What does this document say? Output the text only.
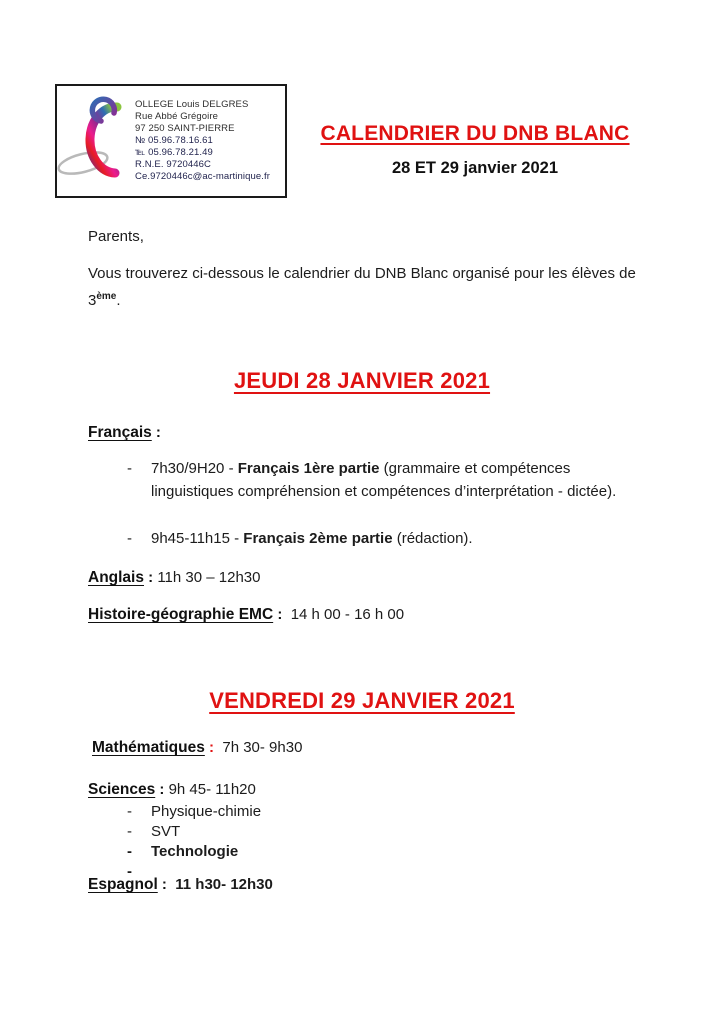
OLLEGE Louis DELGRES
Rue Abbé Grégoire
97 250 SAINT-PIERRE
№ 05.96.78.16.61
℡ 05.96.78.21.49
R.N.E. 9720446C
Ce.9720446c@ac-martinique.fr
CALENDRIER DU DNB BLANC
28 ET 29 janvier 2021
Parents,
Vous trouverez ci-dessous le calendrier du DNB Blanc organisé pour les élèves de 3ème.
JEUDI 28 JANVIER 2021
Français :
-	7h30/9H20 - Français 1ère partie (grammaire et compétences linguistiques compréhension et compétences d’interprétation - dictée).
-	9h45-11h15 - Français 2ème partie (rédaction).
Anglais : 11h 30 – 12h30
Histoire-géographie EMC : 14 h 00 - 16 h 00
VENDREDI 29 JANVIER 2021
Mathématiques : 7h 30- 9h30
Sciences : 9h 45- 11h20
-	Physique-chimie
-	SVT
-	Technologie
-
Espagnol : 11 h30- 12h30
